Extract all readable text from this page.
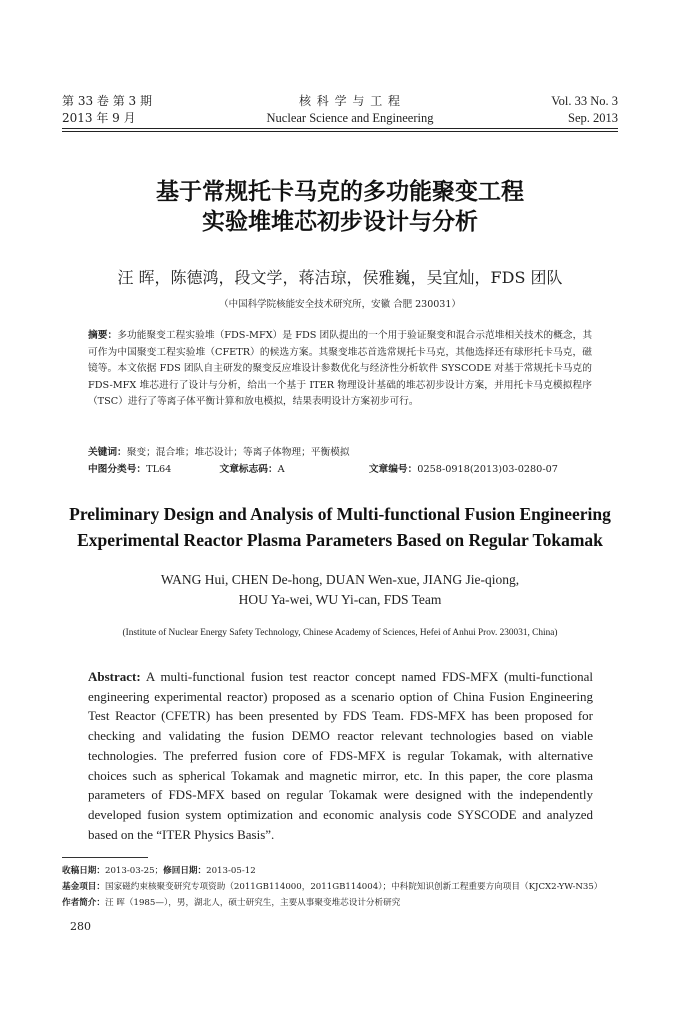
第 33 卷 第 3 期
2013 年 9 月
核 科 学 与 工 程
Nuclear Science and Engineering
Vol. 33 No. 3
Sep. 2013
基于常规托卡马克的多功能聚变工程
实验堆堆芯初步设计与分析
汪 晖，陈德鸿，段文学，蒋洁琼，侯雅巍，吴宜灿，FDS 团队
（中国科学院核能安全技术研究所，安徽 合肥 230031）
摘要：多功能聚变工程实验堆（FDS-MFX）是 FDS 团队提出的一个用于验证聚变和混合示范堆相关技术的概念，其可作为中国聚变工程实验堆（CFETR）的候选方案。其聚变堆芯首选常规托卡马克，其他选择还有球形托卡马克，磁镜等。本文依据 FDS 团队自主研发的聚变反应堆设计参数优化与经济性分析软件 SYSCODE 对基于常规托卡马克的 FDS-MFX 堆芯进行了设计与分析，给出一个基于 ITER 物理设计基础的堆芯初步设计方案，并用托卡马克模拟程序（TSC）进行了等离子体平衡计算和放电模拟，结果表明设计方案初步可行。
关键词：聚变；混合堆；堆芯设计；等离子体物理；平衡模拟
中图分类号：TL64	文章标志码：A	文章编号：0258-0918(2013)03-0280-07
Preliminary Design and Analysis of Multi-functional Fusion Engineering
Experimental Reactor Plasma Parameters Based on Regular Tokamak
WANG Hui, CHEN De-hong, DUAN Wen-xue, JIANG Jie-qiong,
HOU Ya-wei, WU Yi-can, FDS Team
(Institute of Nuclear Energy Safety Technology, Chinese Academy of Sciences, Hefei of Anhui Prov. 230031, China)
Abstract: A multi-functional fusion test reactor concept named FDS-MFX (multi-functional engineering experimental reactor) proposed as a scenario option of China Fusion Engineering Test Reactor (CFETR) has been presented by FDS Team. FDS-MFX has been proposed for checking and validating the fusion DEMO reactor relevant technologies based on viable technologies. The preferred fusion core of FDS-MFX is regular Tokamak, with alternative choices such as spherical Tokamak and magnetic mirror, etc. In this paper, the core plasma parameters of FDS-MFX based on regular Tokamak were designed with the independently developed fusion system optimization and economic analysis code SYSCODE and analyzed based on the “ITER Physics Basis”.
收稿日期：2013-03-25；修回日期：2013-05-12
基金项目：国家磁约束核聚变研究专项资助（2011GB114000，2011GB114004）；中科院知识创新工程重要方向项目（KJCX2-YW-N35）
作者简介：汪 晖（1985—），男，湖北人，硕士研究生，主要从事聚变堆芯设计分析研究
280
